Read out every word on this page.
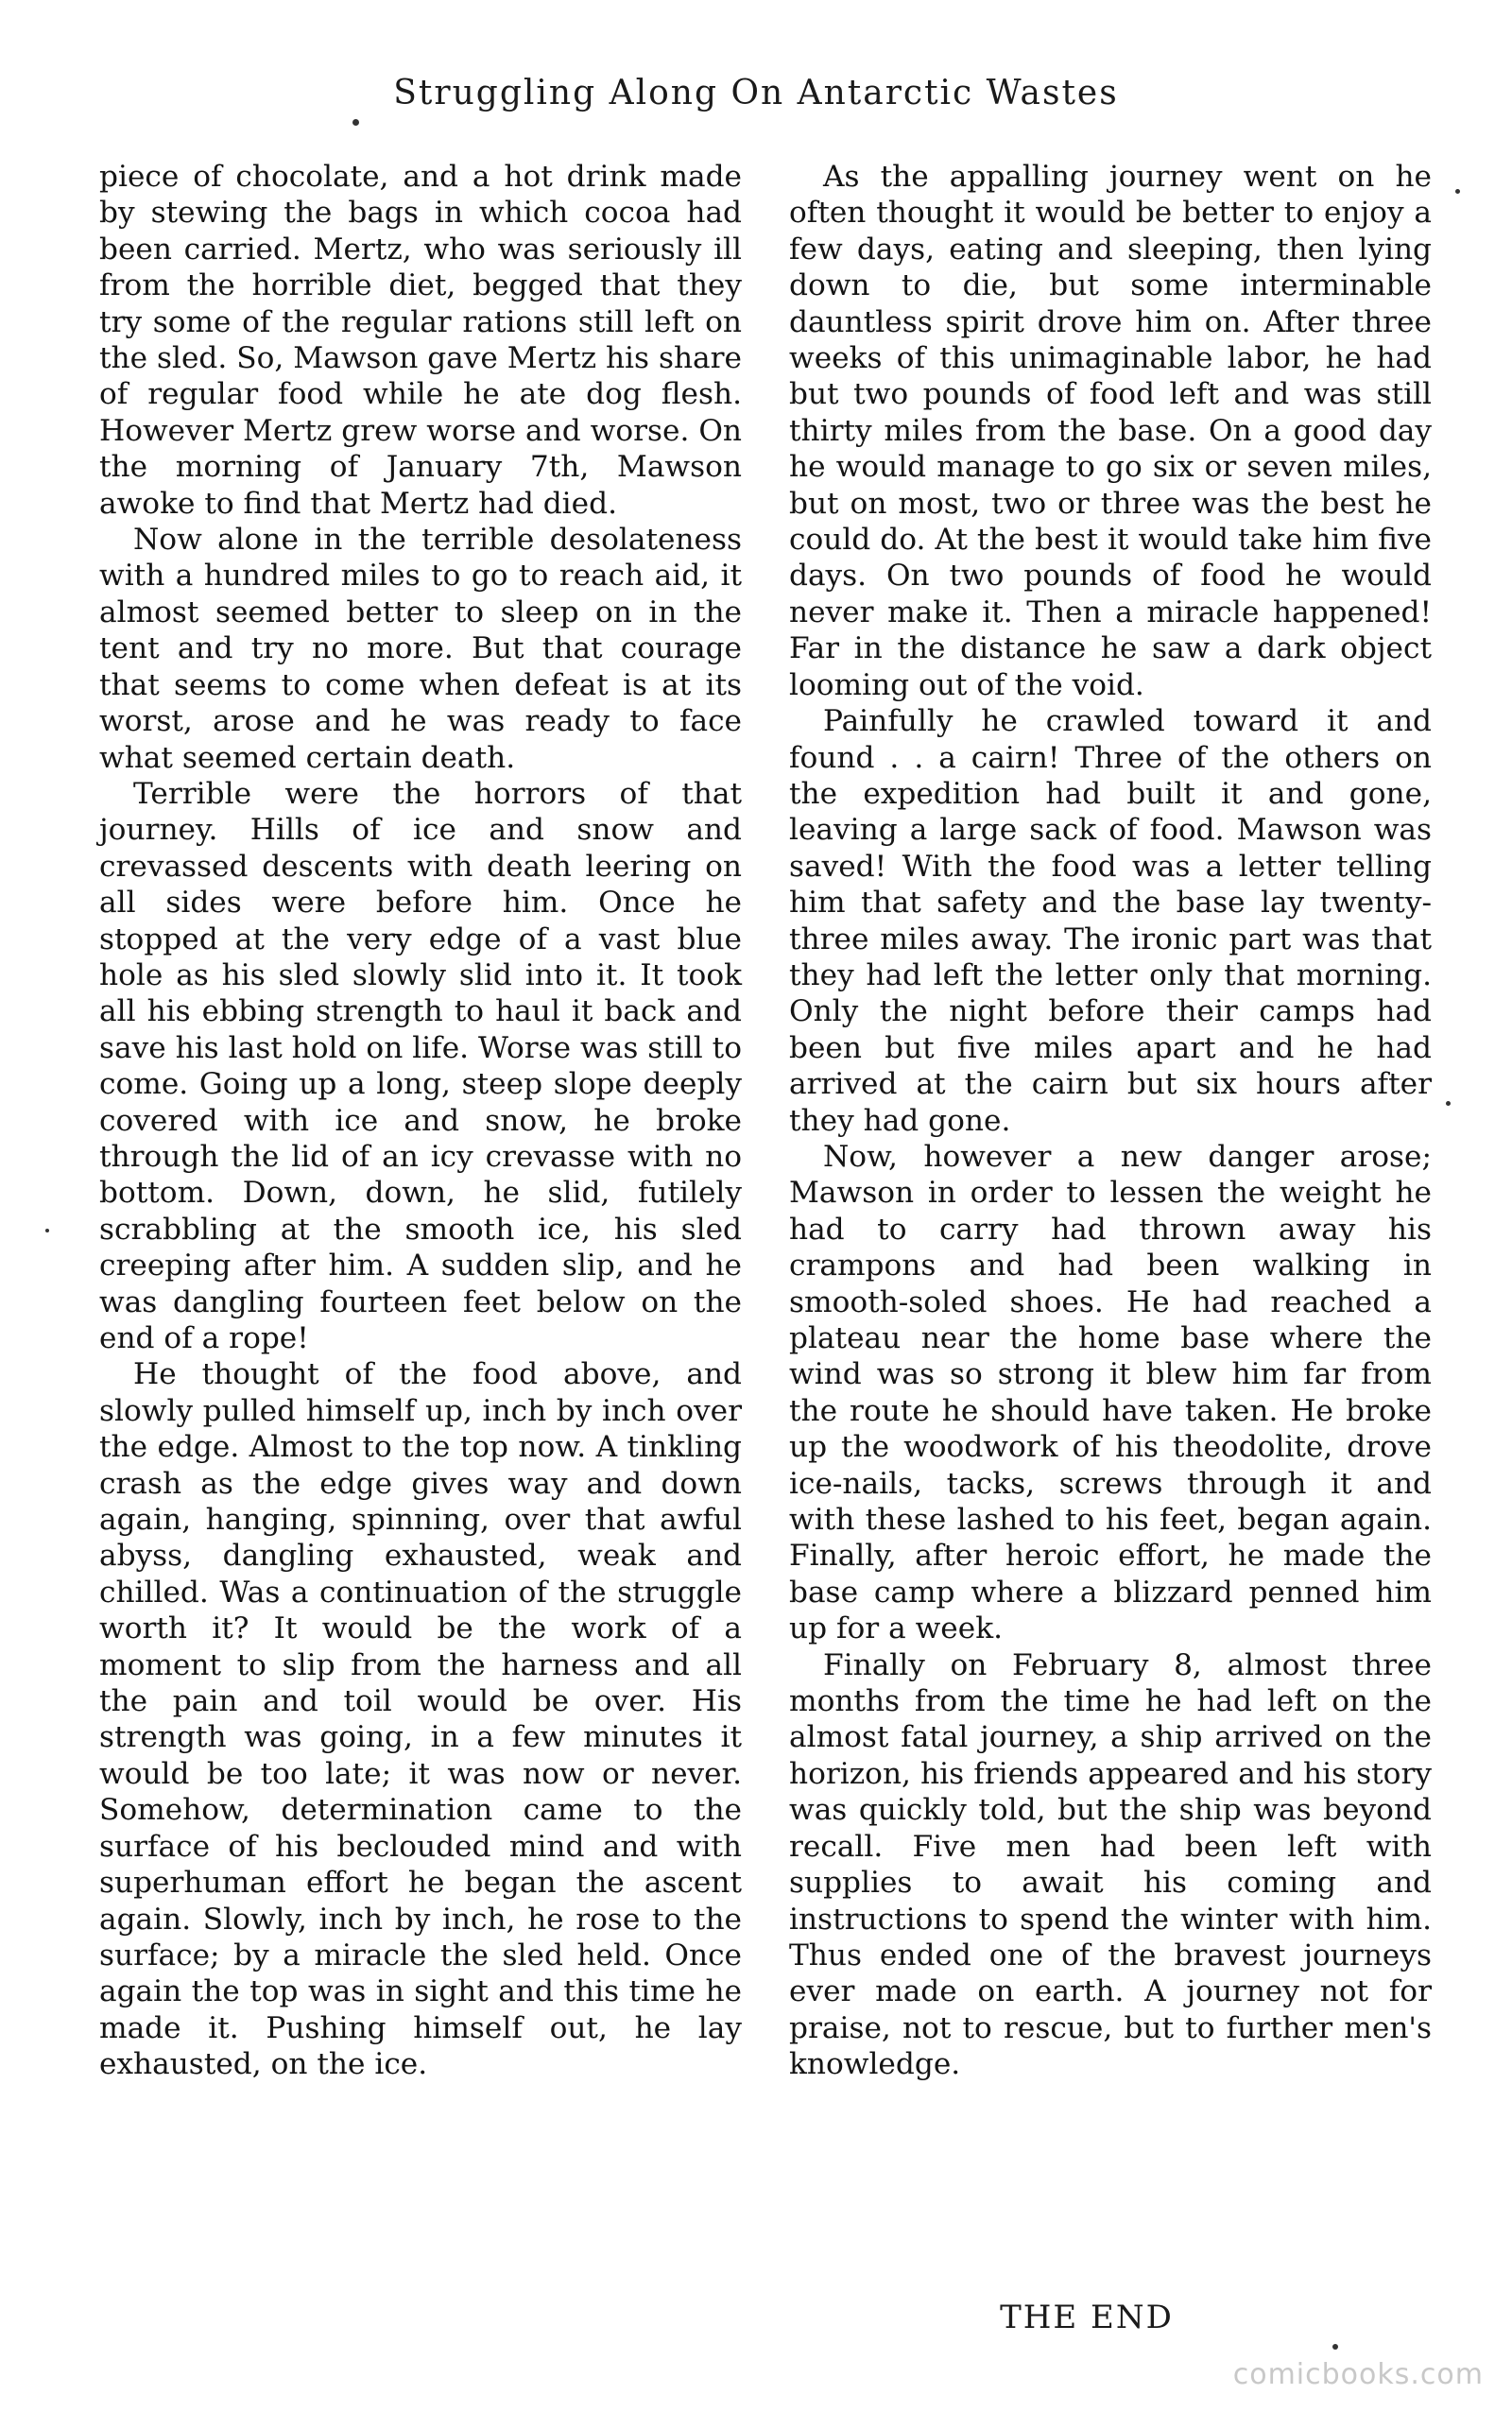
Struggling Along On Antarctic Wastes

piece of chocolate, and a hot drink made by stewing the bags in which cocoa had been carried. Mertz, who was seriously ill from the horrible diet, begged that they try some of the regular rations still left on the sled. So, Mawson gave Mertz his share of regular food while he ate dog flesh. However Mertz grew worse and worse. On the morning of January 7th, Mawson awoke to find that Mertz had died.

Now alone in the terrible desolateness with a hundred miles to go to reach aid, it almost seemed better to sleep on in the tent and try no more. But that courage that seems to come when defeat is at its worst, arose and he was ready to face what seemed certain death.

Terrible were the horrors of that journey. Hills of ice and snow and crevassed descents with death leering on all sides were before him. Once he stopped at the very edge of a vast blue hole as his sled slowly slid into it. It took all his ebbing strength to haul it back and save his last hold on life. Worse was still to come. Going up a long, steep slope deeply covered with ice and snow, he broke through the lid of an icy crevasse with no bottom. Down, down, he slid, futilely scrabbling at the smooth ice, his sled creeping after him. A sudden slip, and he was dangling fourteen feet below on the end of a rope!

He thought of the food above, and slowly pulled himself up, inch by inch over the edge. Almost to the top now. A tinkling crash as the edge gives way and down again, hanging, spinning, over that awful abyss, dangling exhausted, weak and chilled. Was a continuation of the struggle worth it? It would be the work of a moment to slip from the harness and all the pain and toil would be over. His strength was going, in a few minutes it would be too late; it was now or never. Somehow, determination came to the surface of his beclouded mind and with superhuman effort he began the ascent again. Slowly, inch by inch, he rose to the surface; by a miracle the sled held. Once again the top was in sight and this time he made it. Pushing himself out, he lay exhausted, on the ice.

As the appalling journey went on he often thought it would be better to enjoy a few days, eating and sleeping, then lying down to die, but some interminable dauntless spirit drove him on. After three weeks of this unimaginable labor, he had but two pounds of food left and was still thirty miles from the base. On a good day he would manage to go six or seven miles, but on most, two or three was the best he could do. At the best it would take him five days. On two pounds of food he would never make it. Then a miracle happened! Far in the distance he saw a dark object looming out of the void.

Painfully he crawled toward it and found . . a cairn! Three of the others on the expedition had built it and gone, leaving a large sack of food. Mawson was saved! With the food was a letter telling him that safety and the base lay twenty-three miles away. The ironic part was that they had left the letter only that morning. Only the night before their camps had been but five miles apart and he had arrived at the cairn but six hours after they had gone.

Now, however a new danger arose; Mawson in order to lessen the weight he had to carry had thrown away his crampons and had been walking in smooth-soled shoes. He had reached a plateau near the home base where the wind was so strong it blew him far from the route he should have taken. He broke up the woodwork of his theodolite, drove ice-nails, tacks, screws through it and with these lashed to his feet, began again. Finally, after heroic effort, he made the base camp where a blizzard penned him up for a week.

Finally on February 8, almost three months from the time he had left on the almost fatal journey, a ship arrived on the horizon, his friends appeared and his story was quickly told, but the ship was beyond recall. Five men had been left with supplies to await his coming and instructions to spend the winter with him. Thus ended one of the bravest journeys ever made on earth. A journey not for praise, not to rescue, but to further men's knowledge.

THE END
comicbooks.com
